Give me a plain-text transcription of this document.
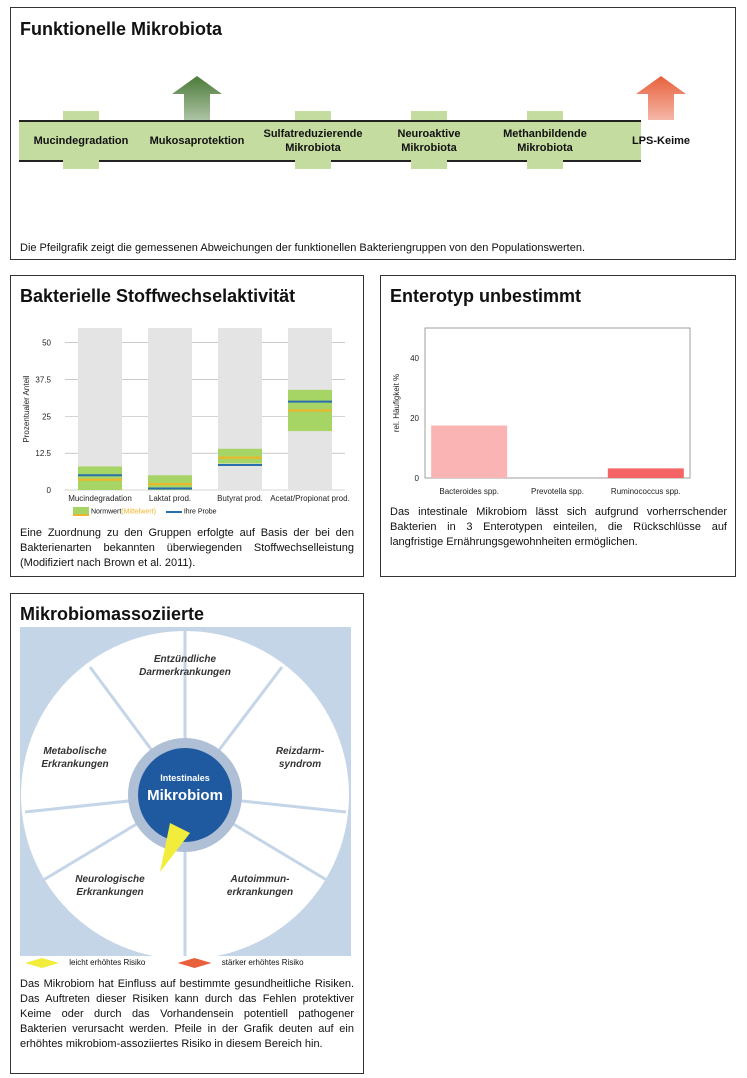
Funktionelle Mikrobiota
Mucindegradation	Mukosaprotektion
Sulfatreduzierende Mikrobiota
Neuroaktive Mikrobiota
Methanbildende Mikrobiota
LPS-Keime

Die Pfeilgrafik zeigt die gemessenen Abweichungen der funktionellen Bakteriengruppen von den Populationswerten.

Bakterielle Stoffwechselaktivität
0
12.5
25
37.5
50
Prozentualer Anteil
Mucindegradation Laktat prod.	Butyrat prod. Acetat/Propionat prod.
Normwert(Mittelwert)	Ihre Probe

Eine Zuordnung zu den Gruppen erfolgte auf Basis der bei den Bakterienarten bekannten überwiegenden Stoffwechselleistung (Modifiziert nach Brown et al. 2011).

Enterotyp unbestimmt
0
20
40
rel. Häufigkeit %
Bacteroides spp.	Prevotella spp.	Ruminococcus spp.

Das intestinale Mikrobiom lässt sich aufgrund vorherrschender Bakterien in 3 Enterotypen einteilen, die Rückschlüsse auf langfristige Ernährungsgewohnheiten ermöglichen.

Mikrobiomassoziierte
Intestinales
Mikrobiom
Entzündliche
Darmerkrankungen
Reizdarm-
syndrom
Autoimmun-
erkrankungen
Neurologische
Erkrankungen
Metabolische
Erkrankungen
leicht erhöhtes Risiko	stärker erhöhtes Risiko

Das Mikrobiom hat Einfluss auf bestimmte gesundheitliche Risiken. Das Auftreten dieser Risiken kann durch das Fehlen protektiver Keime oder durch das Vorhandensein potentiell pathogener Bakterien verursacht werden. Pfeile in der Grafik deuten auf ein erhöhtes mikrobiom-assoziiertes Risiko in diesem Bereich hin.
